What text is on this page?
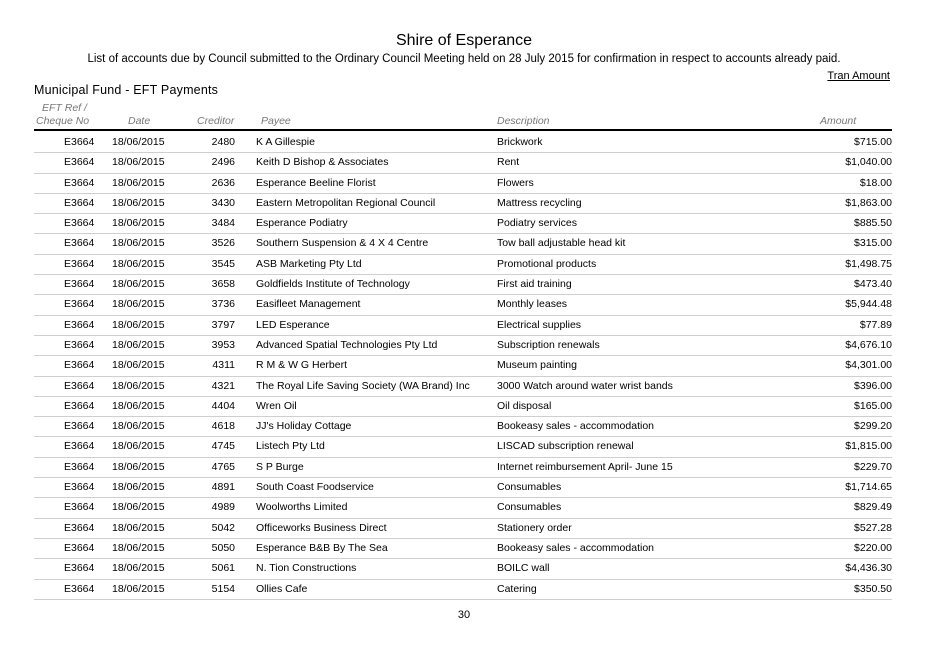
Shire of Esperance
List of accounts due by Council submitted to the Ordinary Council Meeting held on 28 July 2015 for confirmation in respect to accounts already paid.
Tran Amount
Municipal Fund - EFT Payments
EFT Ref /
Cheque No	Date	Creditor	Payee	Description	Amount
E3664 18/06/2015	2480 K A Gillespie	Brickwork	$715.00
E3664 18/06/2015	2496 Keith D Bishop & Associates	Rent	$1,040.00
E3664 18/06/2015	2636 Esperance Beeline Florist	Flowers	$18.00
E3664 18/06/2015	3430 Eastern Metropolitan Regional Council	Mattress recycling	$1,863.00
E3664 18/06/2015	3484 Esperance Podiatry	Podiatry services	$885.50
E3664 18/06/2015	3526 Southern Suspension & 4 X 4 Centre	Tow ball adjustable head kit	$315.00
E3664 18/06/2015	3545 ASB Marketing Pty Ltd	Promotional products	$1,498.75
E3664 18/06/2015	3658 Goldfields Institute of Technology	First aid training	$473.40
E3664 18/06/2015	3736 Easifleet Management	Monthly leases	$5,944.48
E3664 18/06/2015	3797 LED Esperance	Electrical supplies	$77.89
E3664 18/06/2015	3953 Advanced Spatial Technologies Pty Ltd	Subscription renewals	$4,676.10
E3664 18/06/2015	4311 R M & W G Herbert	Museum painting	$4,301.00
E3664 18/06/2015	4321 The Royal Life Saving Society (WA Brand) Inc	3000 Watch around water wrist bands	$396.00
E3664 18/06/2015	4404 Wren Oil	Oil disposal	$165.00
E3664 18/06/2015	4618 JJ's Holiday Cottage	Bookeasy sales - accommodation	$299.20
E3664 18/06/2015	4745 Listech Pty Ltd	LISCAD subscription renewal	$1,815.00
E3664 18/06/2015	4765 S P Burge	Internet reimbursement April- June 15	$229.70
E3664 18/06/2015	4891 South Coast Foodservice	Consumables	$1,714.65
E3664 18/06/2015	4989 Woolworths Limited	Consumables	$829.49
E3664 18/06/2015	5042 Officeworks Business Direct	Stationery order	$527.28
E3664 18/06/2015	5050 Esperance B&B By The Sea	Bookeasy sales - accommodation	$220.00
E3664 18/06/2015	5061 N. Tion Constructions	BOILC wall	$4,436.30
E3664 18/06/2015	5154 Ollies Cafe	Catering	$350.50
30
